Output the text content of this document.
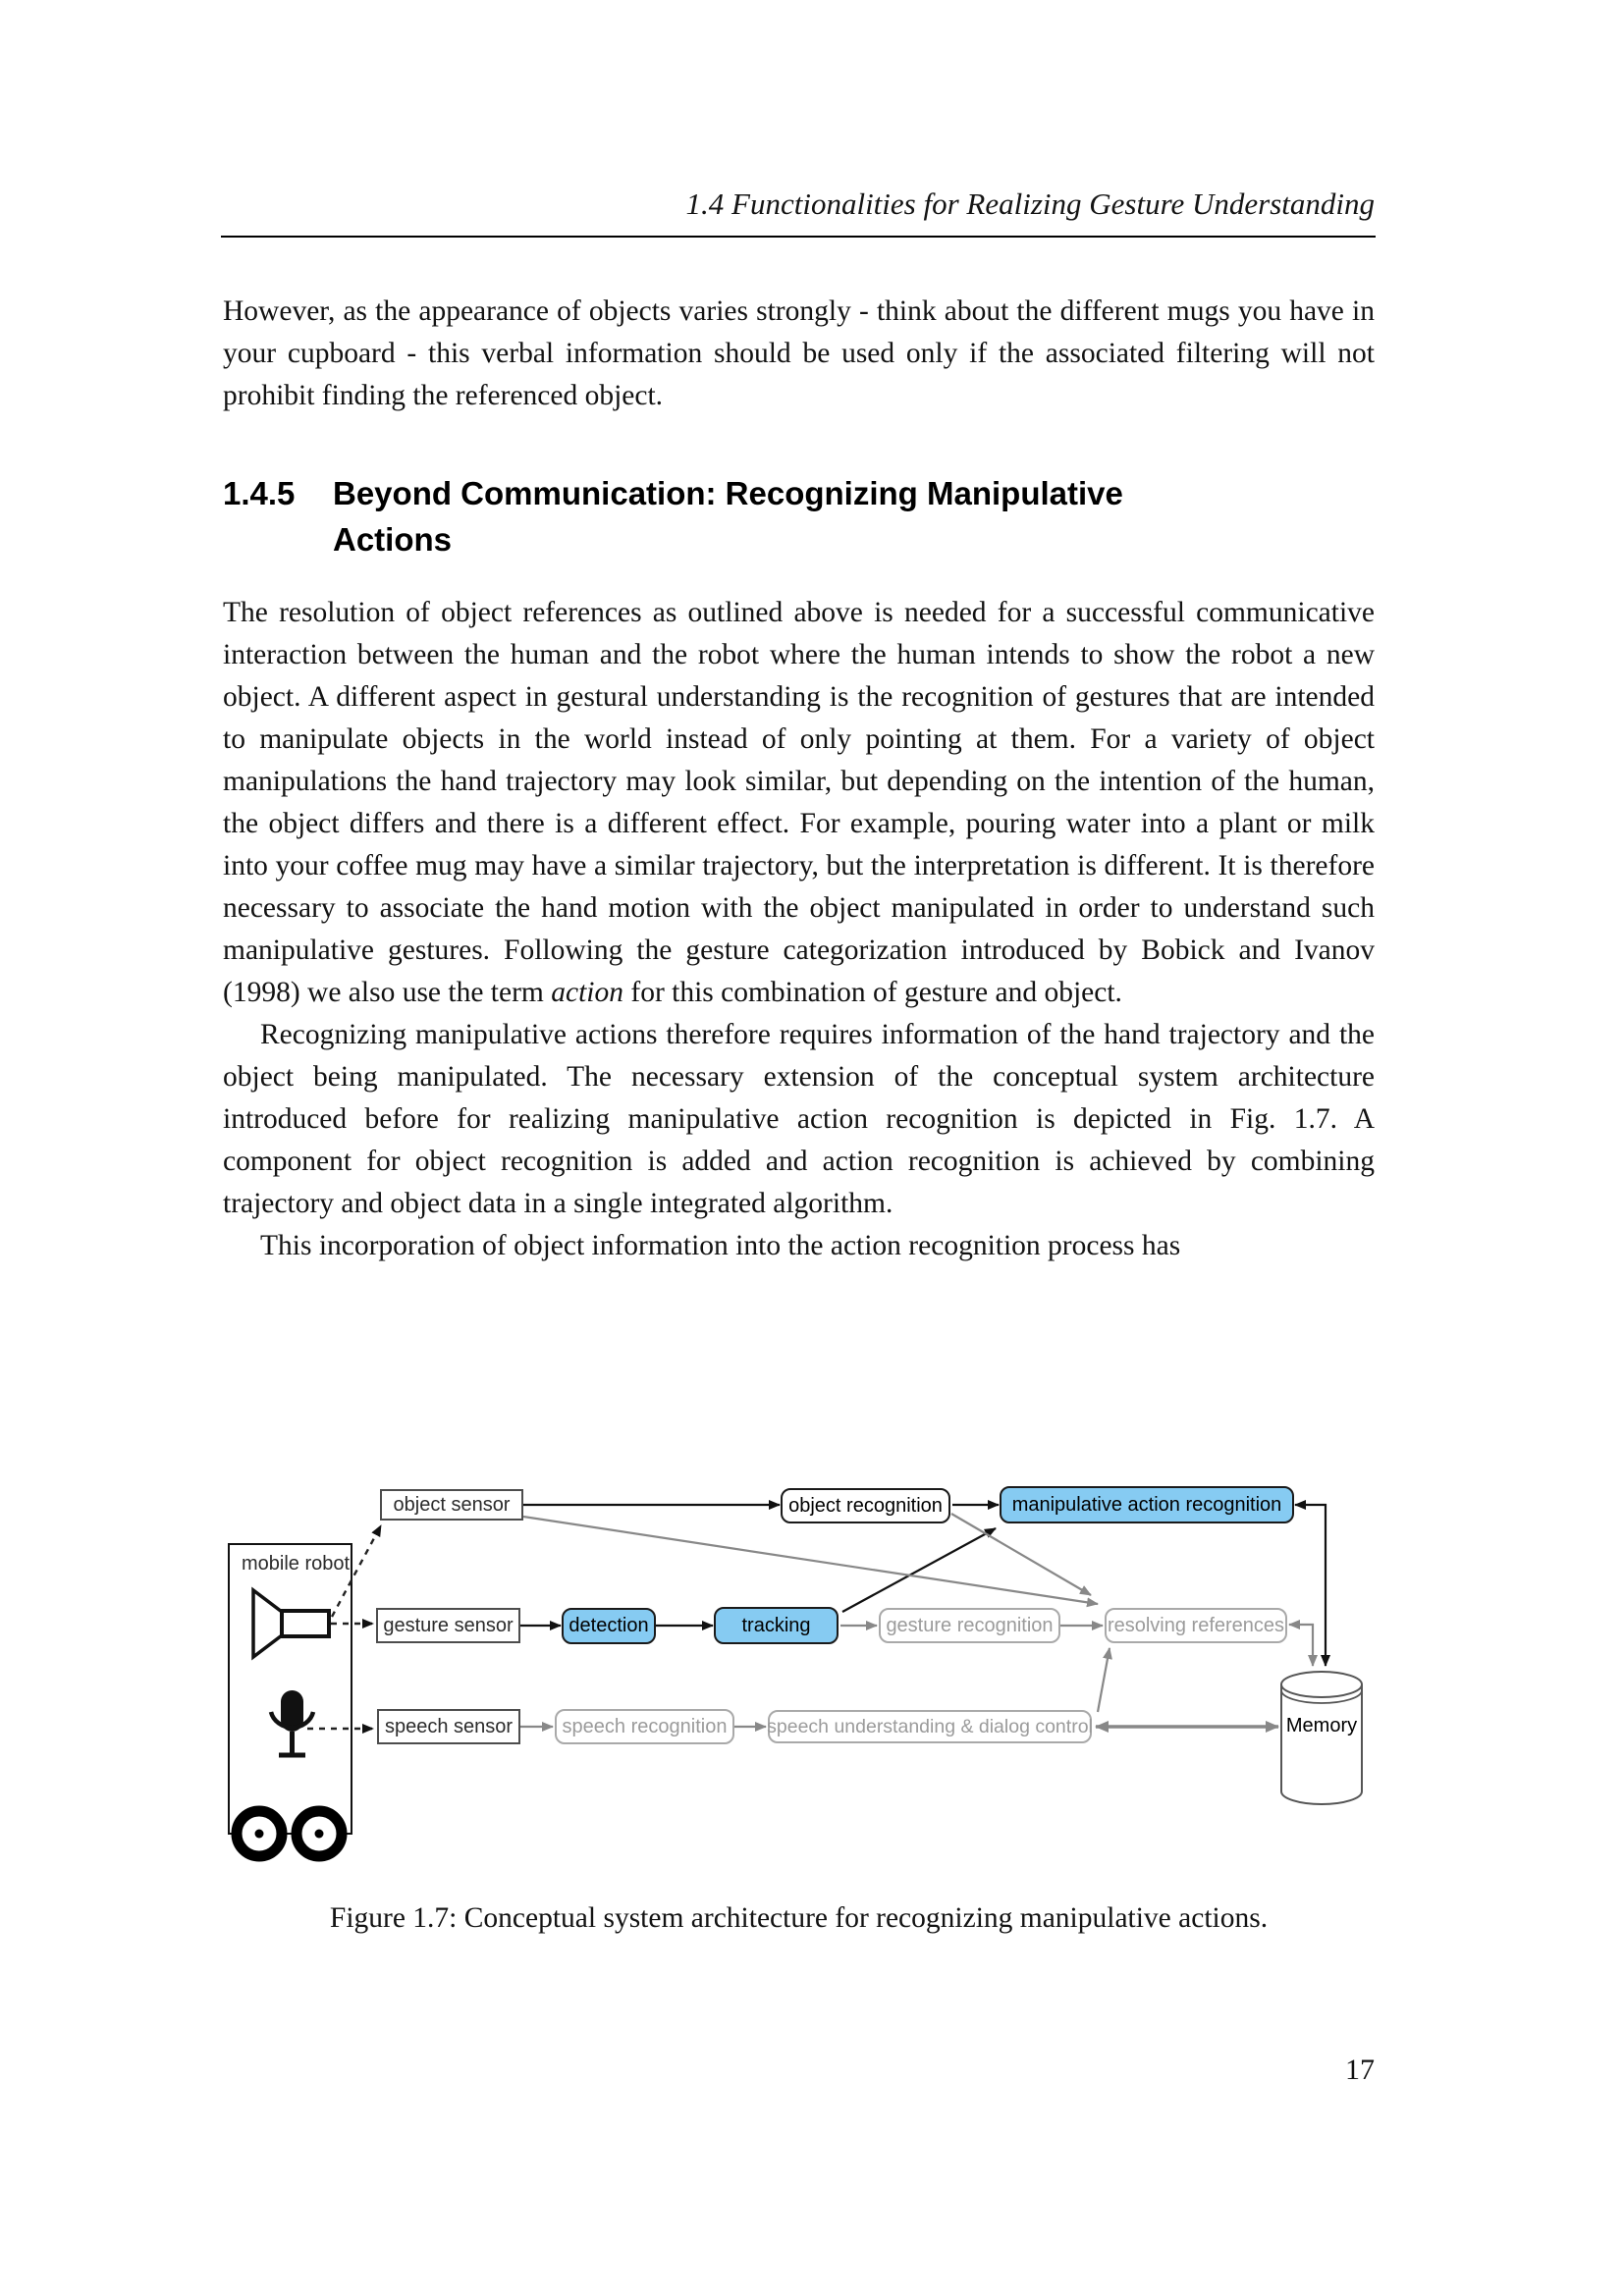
1.4 Functionalities for Realizing Gesture Understanding

However, as the appearance of objects varies strongly - think about the different mugs you have in your cupboard - this verbal information should be used only if the associated filtering will not prohibit finding the referenced object.

1.4.5	Beyond Communication: Recognizing Manipulative
Actions

The resolution of object references as outlined above is needed for a successful communicative interaction between the human and the robot where the human intends to show the robot a new object. A different aspect in gestural understanding is the recognition of gestures that are intended to manipulate objects in the world instead of only pointing at them. For a variety of object manipulations the hand trajectory may look similar, but depending on the intention of the human, the object differs and there is a different effect. For example, pouring water into a plant or milk into your coffee mug may have a similar trajectory, but the interpretation is different. It is therefore necessary to associate the hand motion with the object manipulated in order to understand such manipulative gestures. Following the gesture categorization introduced by Bobick and Ivanov (1998) we also use the term action for this combination of gesture and object.

Recognizing manipulative actions therefore requires information of the hand trajectory and the object being manipulated. The necessary extension of the conceptual system architecture introduced before for realizing manipulative action recognition is depicted in Fig. 1.7. A component for object recognition is added and action recognition is achieved by combining trajectory and object data in a single integrated algorithm.

This incorporation of object information into the action recognition process has

mobile robot
object sensor	object recognition	manipulative action recognition
gesture sensor	detection	tracking	gesture recognition	resolving references
speech sensor	speech recognition	speech understanding & dialog control	Memory
Figure 1.7: Conceptual system architecture for recognizing manipulative actions.
17
